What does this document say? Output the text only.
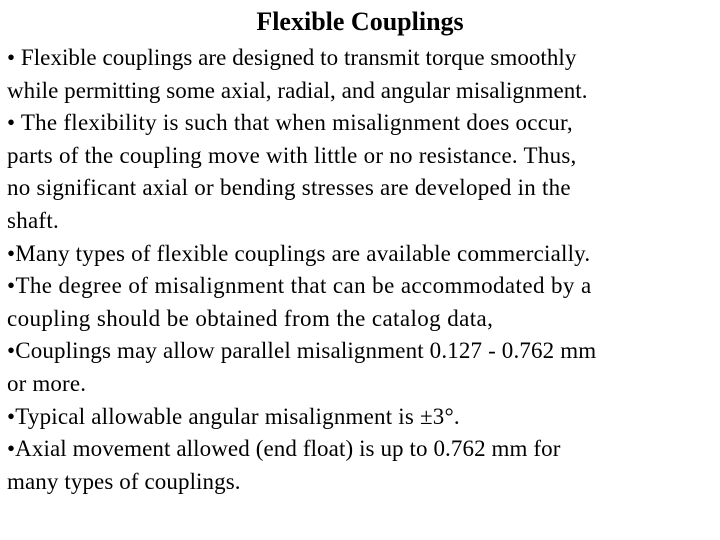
Flexible Couplings
• Flexible couplings are designed to transmit torque smoothly
while permitting some axial, radial, and angular misalignment.
• The flexibility is such that when misalignment does occur,
parts of the coupling move with little or no resistance. Thus,
no significant axial or bending stresses are developed in the
shaft.
•Many types of flexible couplings are available commercially.
•The degree of misalignment that can be accommodated by a
coupling should be obtained from the catalog data,
•Couplings may allow parallel misalignment 0.127 - 0.762 mm
or more.
•Typical allowable angular misalignment is ±3°.
•Axial movement allowed (end float) is up to 0.762 mm for
many types of couplings.
